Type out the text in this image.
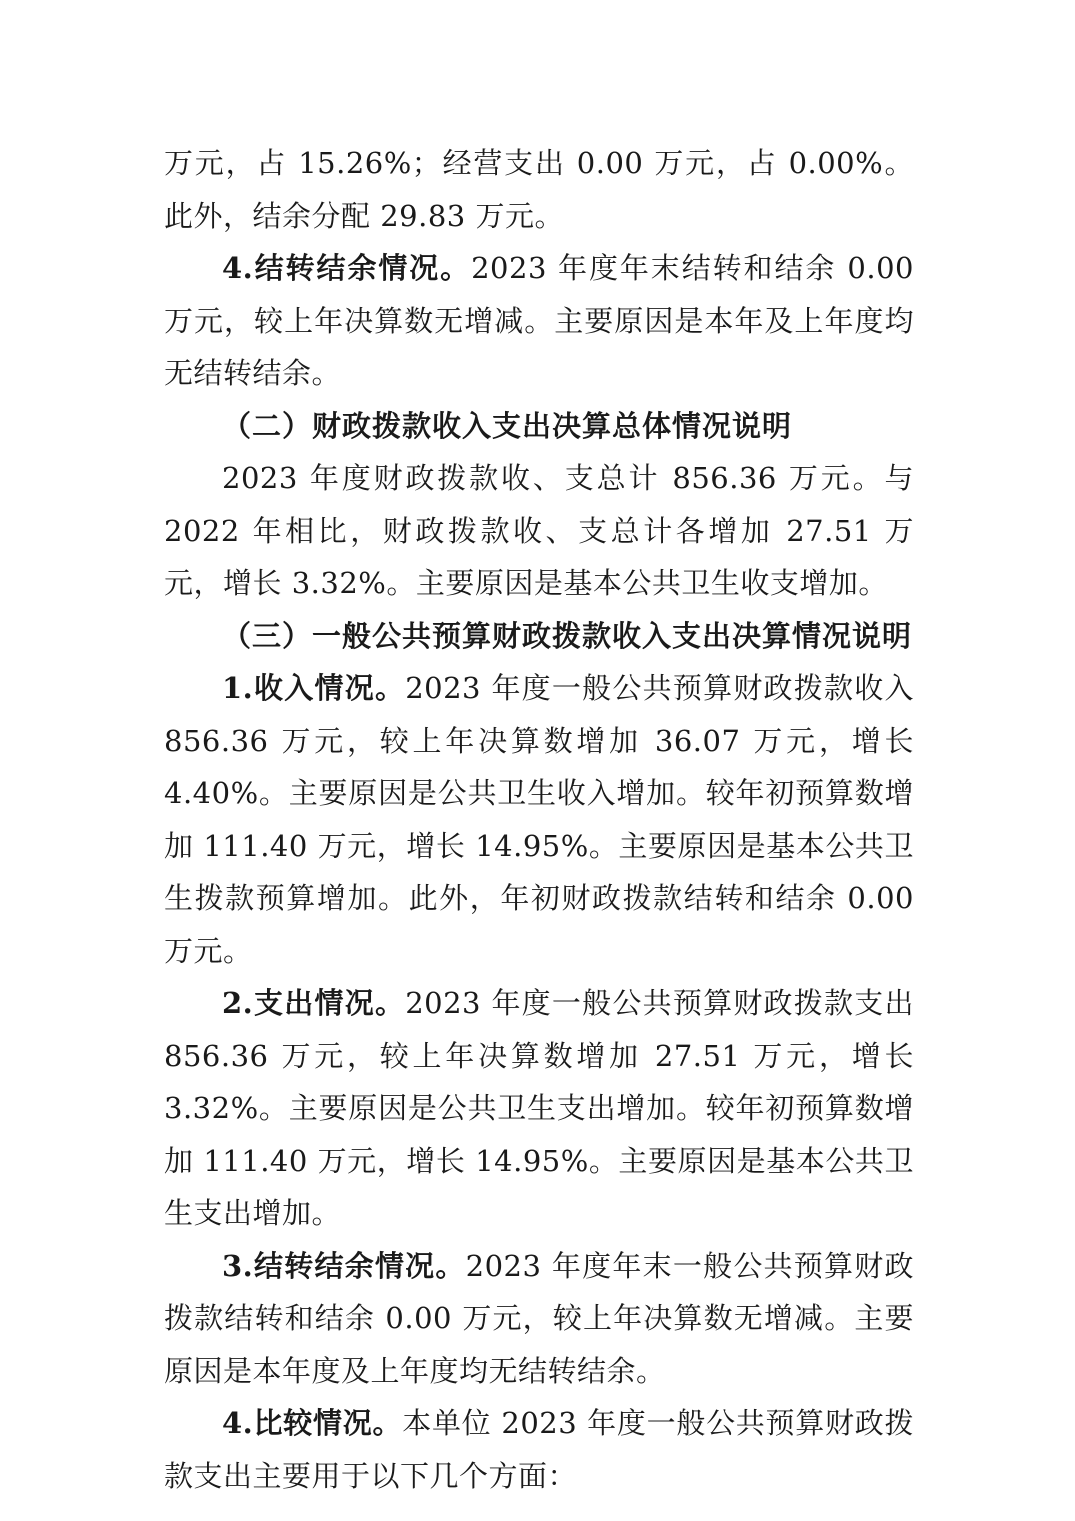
万元，占 15.26%；经营支出 0.00 万元，占 0.00%。此外，结余分配 29.83 万元。

4.结转结余情况。2023 年度年末结转和结余 0.00 万元，较上年决算数无增减。主要原因是本年及上年度均无结转结余。

（二）财政拨款收入支出决算总体情况说明

2023 年度财政拨款收、支总计 856.36 万元。与 2022 年相比，财政拨款收、支总计各增加 27.51 万元，增长 3.32%。主要原因是基本公共卫生收支增加。

（三）一般公共预算财政拨款收入支出决算情况说明

1.收入情况。2023 年度一般公共预算财政拨款收入 856.36 万元，较上年决算数增加 36.07 万元，增长 4.40%。主要原因是公共卫生收入增加。较年初预算数增加 111.40 万元，增长 14.95%。主要原因是基本公共卫生拨款预算增加。此外，年初财政拨款结转和结余 0.00 万元。

2.支出情况。2023 年度一般公共预算财政拨款支出 856.36 万元，较上年决算数增加 27.51 万元，增长 3.32%。主要原因是公共卫生支出增加。较年初预算数增加 111.40 万元，增长 14.95%。主要原因是基本公共卫生支出增加。

3.结转结余情况。2023 年度年末一般公共预算财政拨款结转和结余 0.00 万元，较上年决算数无增减。主要原因是本年度及上年度均无结转结余。

4.比较情况。本单位 2023 年度一般公共预算财政拨款支出主要用于以下几个方面：
